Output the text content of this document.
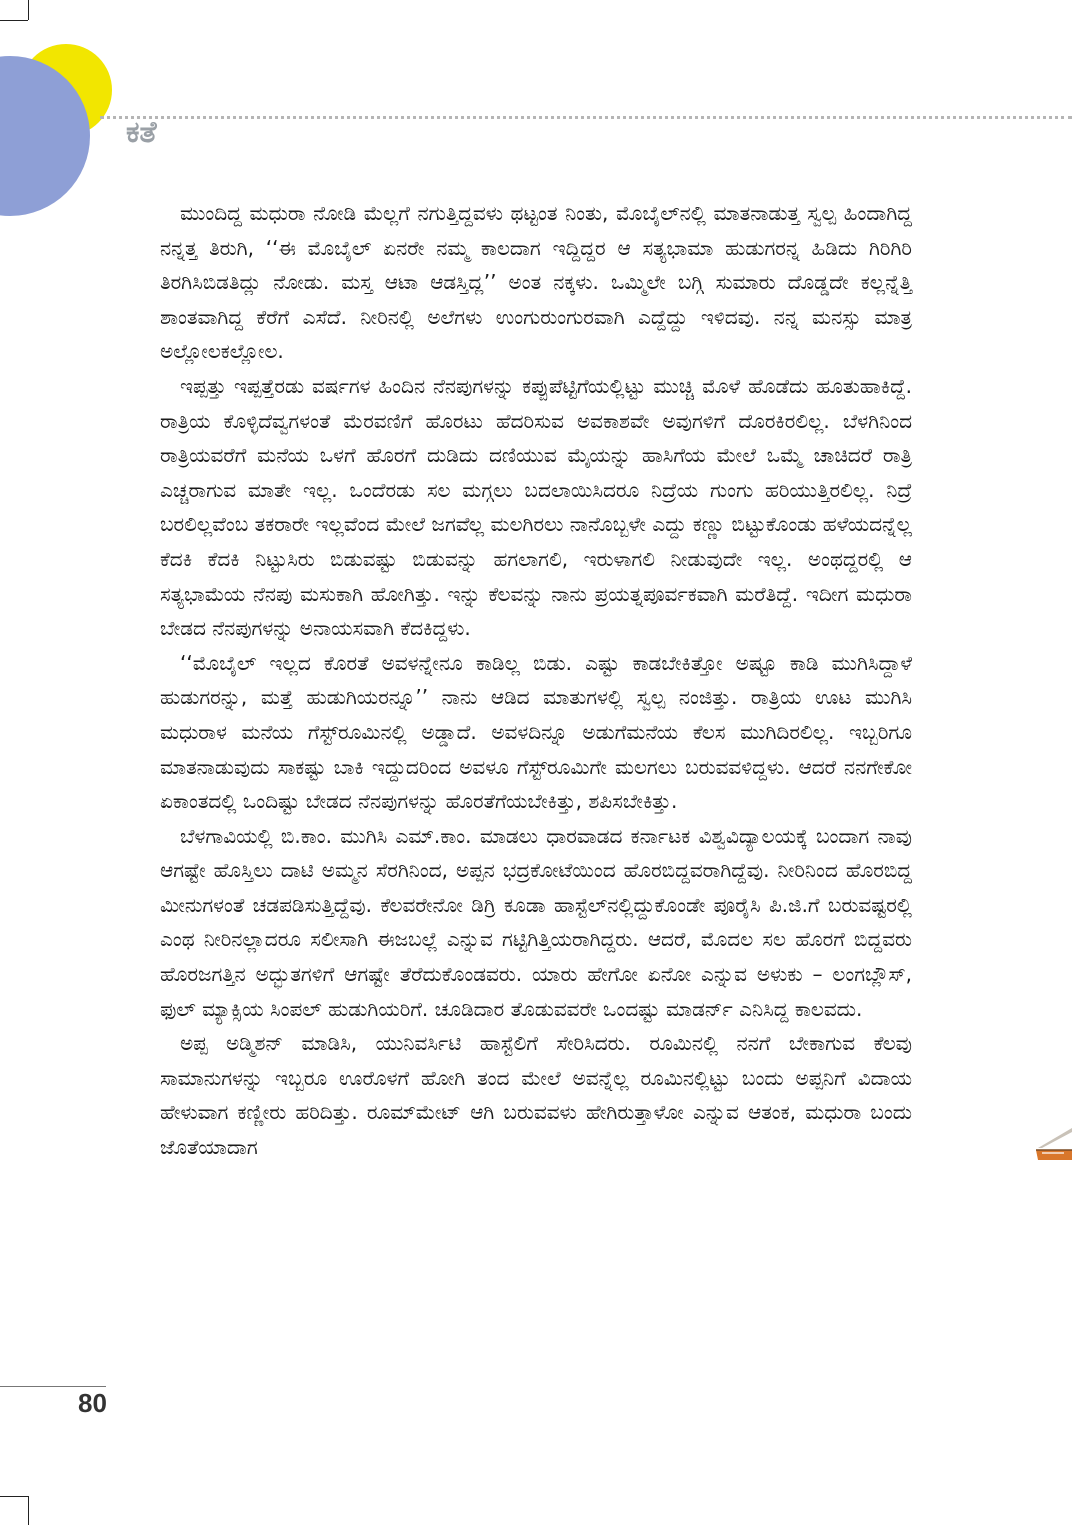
ಕತೆ

ಮುಂದಿದ್ದ ಮಧುರಾ ನೋಡಿ ಮೆಲ್ಲಗೆ ನಗುತ್ತಿದ್ದವಳು ಥಟ್ಟಂತ ನಿಂತು, ಮೊಬೈಲ್‌ನಲ್ಲಿ ಮಾತನಾಡುತ್ತ ಸ್ವಲ್ಪ ಹಿಂದಾಗಿದ್ದ ನನ್ನತ್ತ ತಿರುಗಿ, ‘‘ಈ ಮೊಬೈಲ್ ಏನರೇ ನಮ್ಮ ಕಾಲದಾಗ ಇದ್ದಿದ್ದರ ಆ ಸತ್ಯಭಾಮಾ ಹುಡುಗರನ್ನ ಹಿಡಿದು ಗಿರಿಗಿರಿ ತಿರಗಿಸಿಬಿಡತಿದ್ಲು ನೋಡು. ಮಸ್ತ ಆಟಾ ಆಡಸ್ತಿದ್ಲ’’ ಅಂತ ನಕ್ಕಳು. ಒಮ್ಮಿಲೇ ಬಗ್ಗಿ ಸುಮಾರು ದೊಡ್ಡದೇ ಕಲ್ಲನ್ನೆತ್ತಿ ಶಾಂತವಾಗಿದ್ದ ಕೆರೆಗೆ ಎಸೆದೆ. ನೀರಿನಲ್ಲಿ ಅಲೆಗಳು ಉಂಗುರುಂಗುರವಾಗಿ ಎದ್ದೆದ್ದು ಇಳಿದವು. ನನ್ನ ಮನಸ್ಸು ಮಾತ್ರ ಅಲ್ಲೋಲಕಲ್ಲೋಲ.

ಇಪ್ಪತ್ತು ಇಪ್ಪತ್ತೆರಡು ವರ್ಷಗಳ ಹಿಂದಿನ ನೆನಪುಗಳನ್ನು ಕಪ್ಪುಪೆಟ್ಟಿಗೆಯಲ್ಲಿಟ್ಟು ಮುಚ್ಚಿ ಮೊಳೆ ಹೊಡೆದು ಹೂತುಹಾಕಿದ್ದೆ. ರಾತ್ರಿಯ ಕೊಳ್ಳಿದೆವ್ವಗಳಂತೆ ಮೆರವಣಿಗೆ ಹೊರಟು ಹೆದರಿಸುವ ಅವಕಾಶವೇ ಅವುಗಳಿಗೆ ದೊರಕಿರಲಿಲ್ಲ. ಬೆಳಗಿನಿಂದ ರಾತ್ರಿಯವರೆಗೆ ಮನೆಯ ಒಳಗೆ ಹೊರಗೆ ದುಡಿದು ದಣಿಯುವ ಮೈಯನ್ನು ಹಾಸಿಗೆಯ ಮೇಲೆ ಒಮ್ಮೆ ಚಾಚಿದರೆ ರಾತ್ರಿ ಎಚ್ಚರಾಗುವ ಮಾತೇ ಇಲ್ಲ. ಒಂದೆರಡು ಸಲ ಮಗ್ಗಲು ಬದಲಾಯಿಸಿದರೂ ನಿದ್ರೆಯ ಗುಂಗು ಹರಿಯುತ್ತಿರಲಿಲ್ಲ. ನಿದ್ರೆ ಬರಲಿಲ್ಲವೆಂಬ ತಕರಾರೇ ಇಲ್ಲವೆಂದ ಮೇಲೆ ಜಗವೆಲ್ಲ ಮಲಗಿರಲು ನಾನೊಬ್ಬಳೇ ಎದ್ದು ಕಣ್ಣು ಬಿಟ್ಟುಕೊಂಡು ಹಳೆಯದನ್ನೆಲ್ಲ ಕೆದಕಿ ಕೆದಕಿ ನಿಟ್ಟುಸಿರು ಬಿಡುವಷ್ಟು ಬಿಡುವನ್ನು ಹಗಲಾಗಲಿ, ಇರುಳಾಗಲಿ ನೀಡುವುದೇ ಇಲ್ಲ. ಅಂಥದ್ದರಲ್ಲಿ ಆ ಸತ್ಯಭಾಮೆಯ ನೆನಪು ಮಸುಕಾಗಿ ಹೋಗಿತ್ತು. ಇನ್ನು ಕೆಲವನ್ನು ನಾನು ಪ್ರಯತ್ನಪೂರ್ವಕವಾಗಿ ಮರೆತಿದ್ದೆ. ಇದೀಗ ಮಧುರಾ ಬೇಡದ ನೆನಪುಗಳನ್ನು ಅನಾಯಸವಾಗಿ ಕೆದಕಿದ್ದಳು.

‘‘ಮೊಬೈಲ್ ಇಲ್ಲದ ಕೊರತೆ ಅವಳನ್ನೇನೂ ಕಾಡಿಲ್ಲ ಬಿಡು. ಎಷ್ಟು ಕಾಡಬೇಕಿತ್ತೋ ಅಷ್ಟೂ ಕಾಡಿ ಮುಗಿಸಿದ್ದಾಳೆ ಹುಡುಗರನ್ನು, ಮತ್ತೆ ಹುಡುಗಿಯರನ್ನೂ’’ ನಾನು ಆಡಿದ ಮಾತುಗಳಲ್ಲಿ ಸ್ವಲ್ಪ ನಂಜಿತ್ತು. ರಾತ್ರಿಯ ಊಟ ಮುಗಿಸಿ ಮಧುರಾಳ ಮನೆಯ ಗೆಸ್ಟ್‌ರೂಮಿನಲ್ಲಿ ಅಡ್ಡಾದೆ. ಅವಳದಿನ್ನೂ ಅಡುಗೆಮನೆಯ ಕೆಲಸ ಮುಗಿದಿರಲಿಲ್ಲ. ಇಬ್ಬರಿಗೂ ಮಾತನಾಡುವುದು ಸಾಕಷ್ಟು ಬಾಕಿ ಇದ್ದುದರಿಂದ ಅವಳೂ ಗೆಸ್ಟ್‌ರೂಮಿಗೇ ಮಲಗಲು ಬರುವವಳಿದ್ದಳು. ಆದರೆ ನನಗೇಕೋ ಏಕಾಂತದಲ್ಲಿ ಒಂದಿಷ್ಟು ಬೇಡದ ನೆನಪುಗಳನ್ನು ಹೊರತೆಗೆಯಬೇಕಿತ್ತು, ಶಪಿಸಬೇಕಿತ್ತು.

ಬೆಳಗಾವಿಯಲ್ಲಿ ಬಿ.ಕಾಂ. ಮುಗಿಸಿ ಎಮ್.ಕಾಂ. ಮಾಡಲು ಧಾರವಾಡದ ಕರ್ನಾಟಕ ವಿಶ್ವವಿದ್ಯಾಲಯಕ್ಕೆ ಬಂದಾಗ ನಾವು ಆಗಷ್ಟೇ ಹೊಸ್ತಿಲು ದಾಟಿ ಅಮ್ಮನ ಸೆರಗಿನಿಂದ, ಅಪ್ಪನ ಭದ್ರಕೋಟೆಯಿಂದ ಹೊರಬಿದ್ದವರಾಗಿದ್ದೆವು. ನೀರಿನಿಂದ ಹೊರಬಿದ್ದ ಮೀನುಗಳಂತೆ ಚಡಪಡಿಸುತ್ತಿದ್ದೆವು. ಕೆಲವರೇನೋ ಡಿಗ್ರಿ ಕೂಡಾ ಹಾಸ್ಟೆಲ್‌ನಲ್ಲಿದ್ದುಕೊಂಡೇ ಪೂರೈಸಿ ಪಿ.ಜಿ.ಗೆ ಬರುವಷ್ಟರಲ್ಲಿ ಎಂಥ ನೀರಿನಲ್ಲಾದರೂ ಸಲೀಸಾಗಿ ಈಜಬಲ್ಲೆ ಎನ್ನುವ ಗಟ್ಟಿಗಿತ್ತಿಯರಾಗಿದ್ದರು. ಆದರೆ, ಮೊದಲ ಸಲ ಹೊರಗೆ ಬಿದ್ದವರು ಹೊರಜಗತ್ತಿನ ಅದ್ಭುತಗಳಿಗೆ ಆಗಷ್ಟೇ ತೆರೆದುಕೊಂಡವರು. ಯಾರು ಹೇಗೋ ಏನೋ ಎನ್ನುವ ಅಳುಕು – ಲಂಗಬ್ಲೌಸ್, ಫುಲ್ ಮ್ಯಾಕ್ಸಿಯ ಸಿಂಪಲ್ ಹುಡುಗಿಯರಿಗೆ. ಚೂಡಿದಾರ ತೊಡುವವರೇ ಒಂದಷ್ಟು ಮಾಡರ್ನ್ ಎನಿಸಿದ್ದ ಕಾಲವದು.

ಅಪ್ಪ ಅಡ್ಮಿಶನ್ ಮಾಡಿಸಿ, ಯುನಿವರ್ಸಿಟಿ ಹಾಸ್ಟೆಲಿಗೆ ಸೇರಿಸಿದರು. ರೂಮಿನಲ್ಲಿ ನನಗೆ ಬೇಕಾಗುವ ಕೆಲವು ಸಾಮಾನುಗಳನ್ನು ಇಬ್ಬರೂ ಊರೊಳಗೆ ಹೋಗಿ ತಂದ ಮೇಲೆ ಅವನ್ನೆಲ್ಲ ರೂಮಿನಲ್ಲಿಟ್ಟು ಬಂದು ಅಪ್ಪನಿಗೆ ವಿದಾಯ ಹೇಳುವಾಗ ಕಣ್ಣೀರು ಹರಿದಿತ್ತು. ರೂಮ್‌ಮೇಟ್ ಆಗಿ ಬರುವವಳು ಹೇಗಿರುತ್ತಾಳೋ ಎನ್ನುವ ಆತಂಕ, ಮಧುರಾ ಬಂದು ಜೊತೆಯಾದಾಗ

80
